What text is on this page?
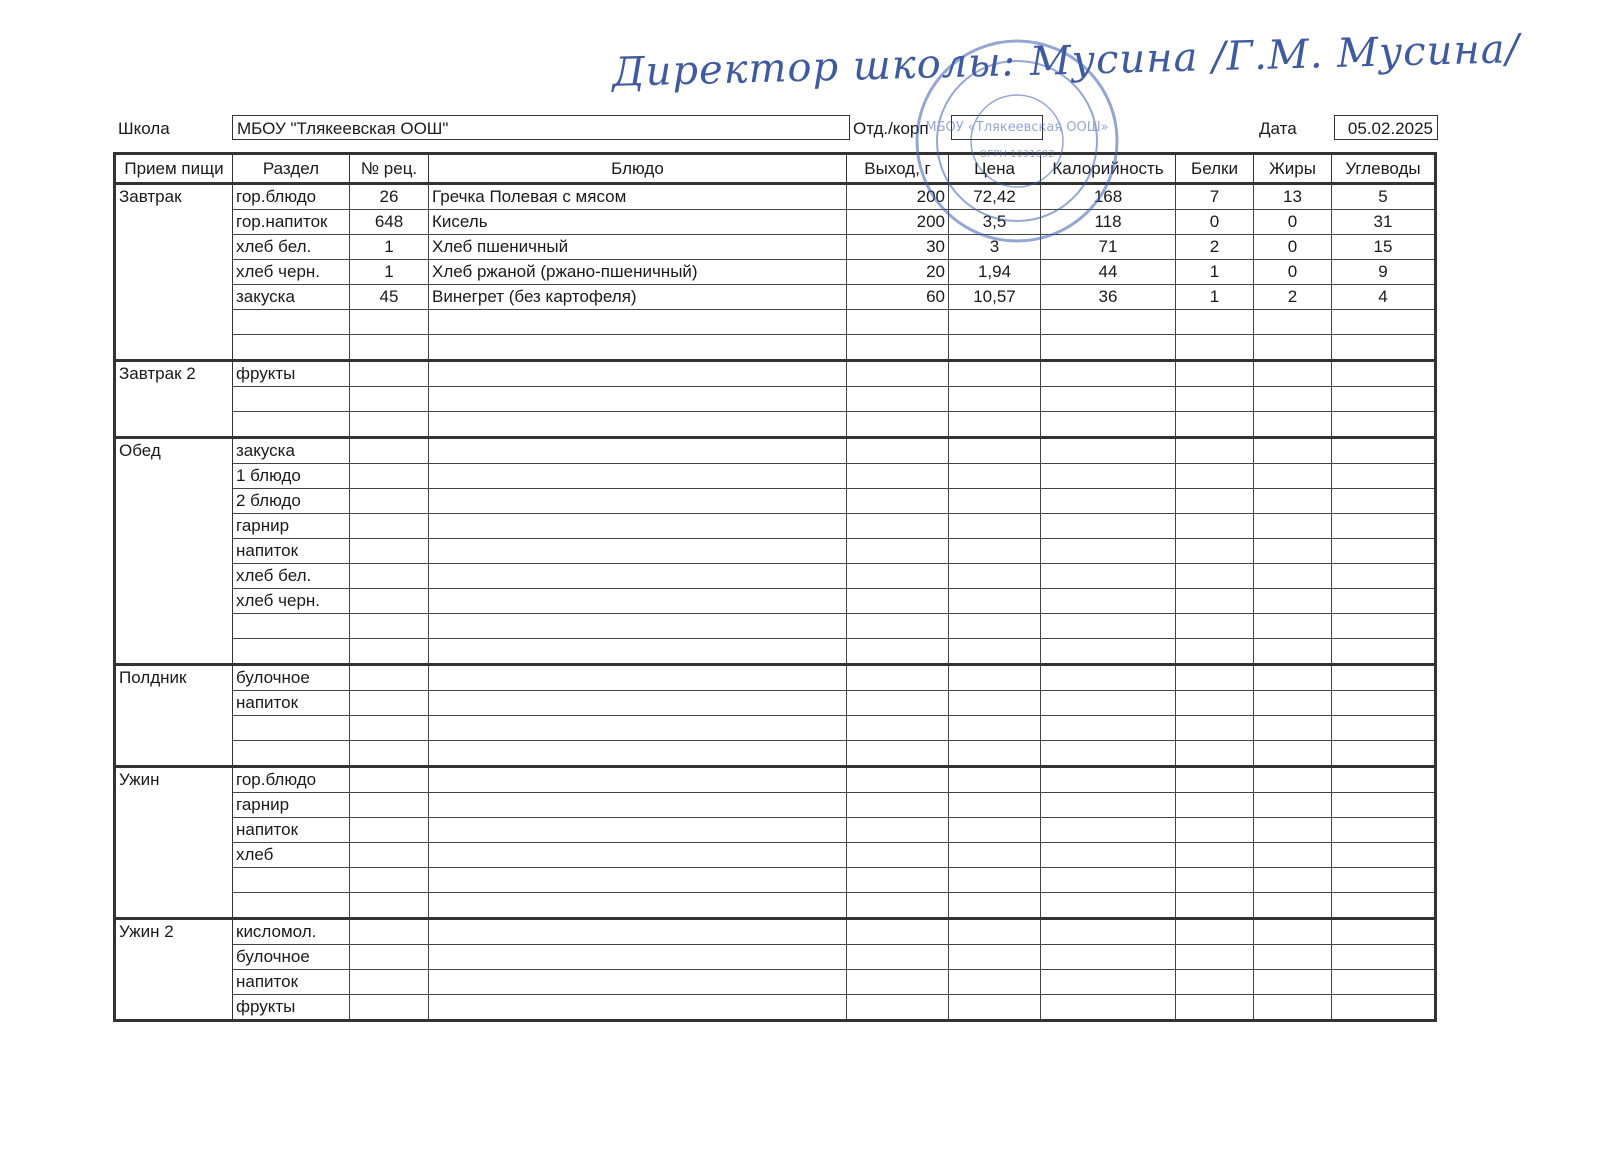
Директор школы: Мусина /Г.М. Мусина/
МБОУ «Тлякеевская ООШ»
ОГРН 1031692
Школа	МБОУ "Тлякеевская ООШ"	Отд./корп	Дата	05.02.2025
Прием пищи	Раздел	№ рец.	Блюдо	Выход, г	Цена	Калорийность	Белки	Жиры	Углеводы
Завтрак	гор.блюдо	26	Гречка Полевая с мясом	200	72,42	168	7	13	5
	гор.напиток	648	Кисель	200	3,5	118	0	0	31
	хлеб бел.	1	Хлеб пшеничный	30	3	71	2	0	15
	хлеб черн.	1	Хлеб ржаной (ржано-пшеничный)	20	1,94	44	1	0	9
	закуска	45	Винегрет (без картофеля)	60	10,57	36	1	2	4

Завтрак 2	фрукты								

Обед	закуска								
	1 блюдо								
	2 блюдо								
	гарнир								
	напиток								
	хлеб бел.								
	хлеб черн.								

Полдник	булочное								
	напиток								

Ужин	гор.блюдо								
	гарнир								
	напиток								
	хлеб								

Ужин 2	кисломол.								
	булочное								
	напиток								
	фрукты								
